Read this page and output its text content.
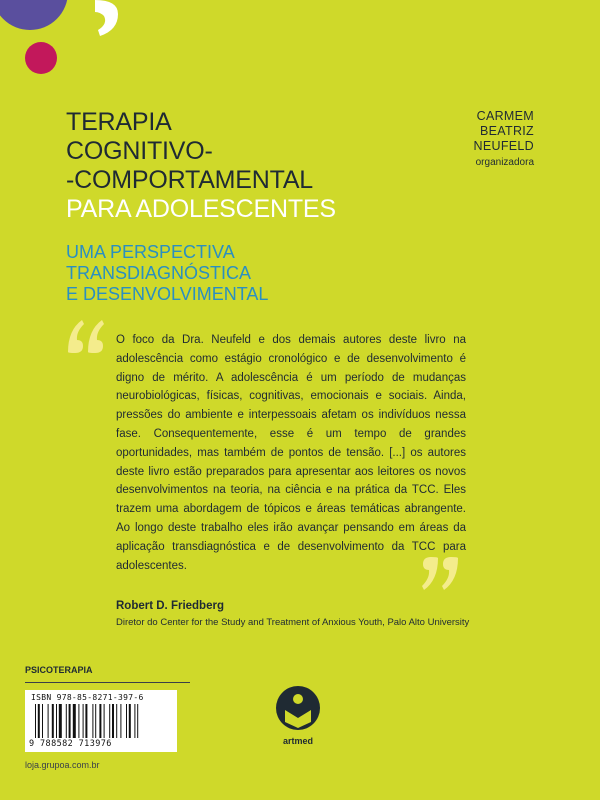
CARMEM
BEATRIZ
NEUFELD
organizadora
TERAPIA
COGNITIVO-
-COMPORTAMENTAL
PARA ADOLESCENTES
UMA PERSPECTIVA
TRANSDIAGNÓSTICA
E DESENVOLVIMENTAL
O foco da Dra. Neufeld e dos demais autores deste livro na adolescência como estágio cronológico e de desenvolvimento é digno de mérito. A adolescência é um período de mudanças neurobiológicas, físicas, cognitivas, emocionais e sociais. Ainda, pressões do ambiente e interpessoais afetam os indivíduos nessa fase. Consequentemente, esse é um tempo de grandes oportunidades, mas também de pontos de tensão. [...] os autores deste livro estão preparados para apresentar aos leitores os novos desenvolvimentos na teoria, na ciência e na prática da TCC. Eles trazem uma abordagem de tópicos e áreas temáticas abrangente. Ao longo deste trabalho eles irão avançar pensando em áreas da aplicação transdiagnóstica e de desenvolvimento da TCC para adolescentes.
Robert D. Friedberg
Diretor do Center for the Study and Treatment of Anxious Youth, Palo Alto University
PSICOTERAPIA
ISBN 978-85-8271-397-6
9 788582 713976	artmed
loja.grupoa.com.br
